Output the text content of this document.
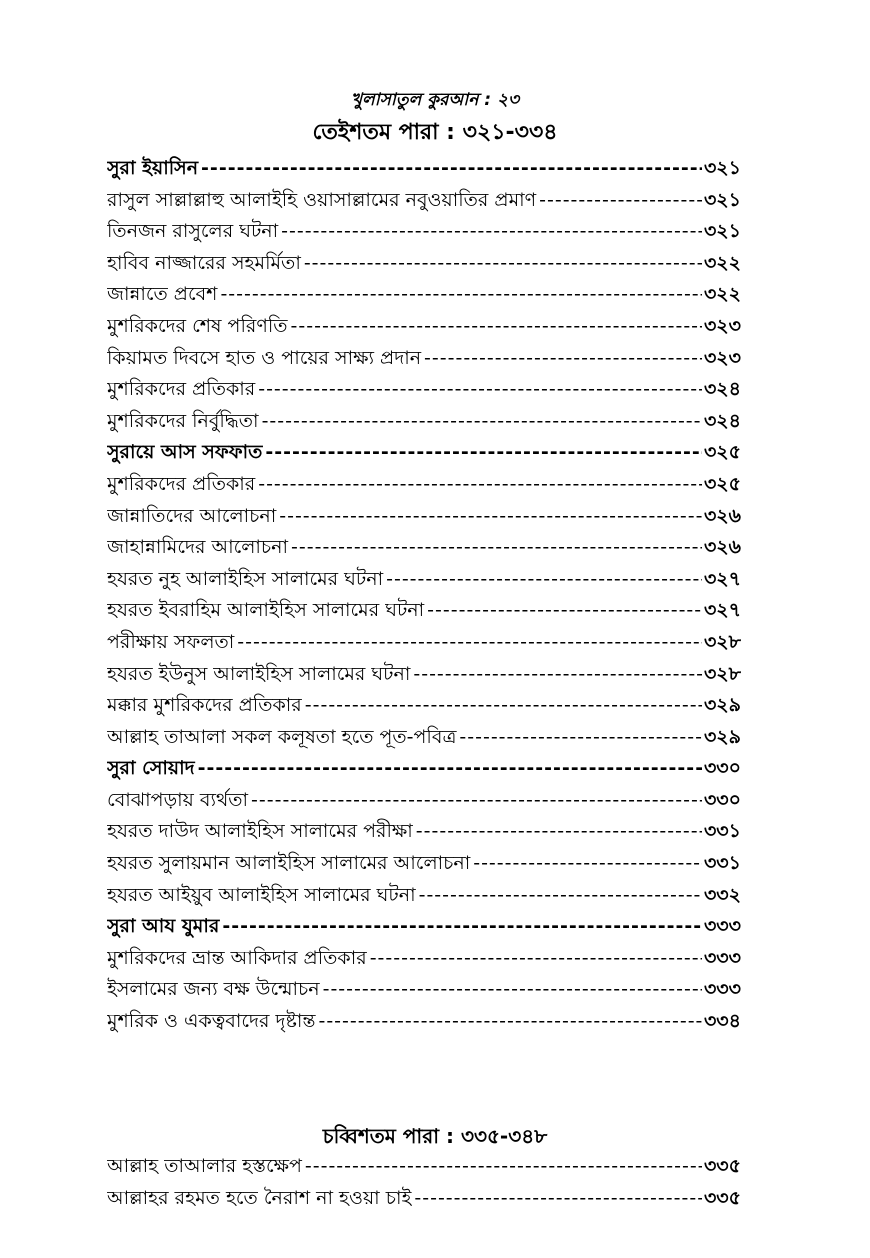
খুলাসাতুল কুরআন : ২৩
তেইশতম পারা : ৩২১-৩৩৪
সুরা ইয়াসিন -----	৩২১
রাসুল সাল্লাল্লাহু আলাইহি ওয়াসাল্লামের নবুওয়াতির প্রমাণ -----	৩২১
তিনজন রাসুলের ঘটনা -----	৩২১
হাবিব নাজ্জারের সহমর্মিতা -----	৩২২
জান্নাতে প্রবেশ -----	৩২২
মুশরিকদের শেষ পরিণতি -----	৩২৩
কিয়ামত দিবসে হাত ও পায়ের সাক্ষ্য প্রদান -----	৩২৩
মুশরিকদের প্রতিকার -----	৩২৪
মুশরিকদের নির্বুদ্ধিতা -----	৩২৪
সুরায়ে আস সফফাত -----	৩২৫
মুশরিকদের প্রতিকার -----	৩২৫
জান্নাতিদের আলোচনা -----	৩২৬
জাহান্নামিদের আলোচনা -----	৩২৬
হযরত নুহ আলাইহিস সালামের ঘটনা -----	৩২৭
হযরত ইবরাহিম আলাইহিস সালামের ঘটনা -----	৩২৭
পরীক্ষায় সফলতা -----	৩২৮
হযরত ইউনুস আলাইহিস সালামের ঘটনা -----	৩২৮
মক্কার মুশরিকদের প্রতিকার -----	৩২৯
আল্লাহ তাআলা সকল কলূষতা হতে পূত-পবিত্র -----	৩২৯
সুরা সোয়াদ -----	৩৩০
বোঝাপড়ায় ব্যর্থতা -----	৩৩০
হযরত দাউদ আলাইহিস সালামের পরীক্ষা -----	৩৩১
হযরত সুলায়মান আলাইহিস সালামের আলোচনা -----	৩৩১
হযরত আইয়ুব আলাইহিস সালামের ঘটনা -----	৩৩২
সুরা আয যুমার -----	৩৩৩
মুশরিকদের ভ্রান্ত আকিদার প্রতিকার -----	৩৩৩
ইসলামের জন্য বক্ষ উন্মোচন -----	৩৩৩
মুশরিক ও একত্ববাদের দৃষ্টান্ত -----	৩৩৪
চব্বিশতম পারা : ৩৩৫-৩৪৮
আল্লাহ তাআলার হস্তক্ষেপ -----	৩৩৫
আল্লাহর রহমত হতে নৈরাশ না হওয়া চাই -----	৩৩৫
